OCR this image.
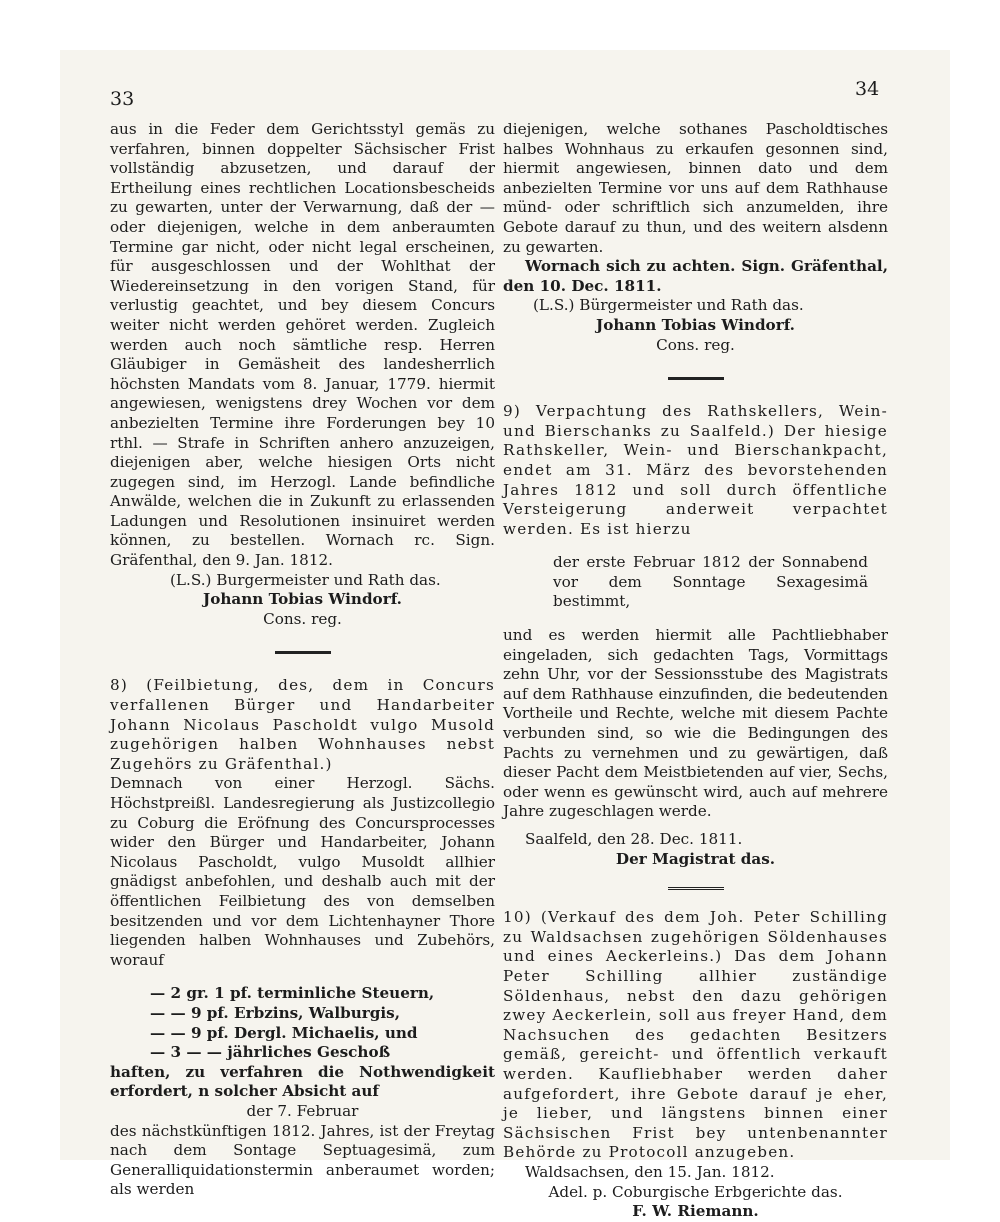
33	34

aus in die Feder dem Gerichtsstyl gemäs zu verfahren, binnen doppelter Sächsischer Frist vollständig abzusetzen, und darauf der Ertheilung eines rechtlichen Locationsbescheids zu gewarten, unter der Verwarnung, daß der — oder diejenigen, welche in dem anberaumten Termine gar nicht, oder nicht legal erscheinen, für ausgeschlossen und der Wohlthat der Wiedereinsetzung in den vorigen Stand, für verlustig geachtet, und bey diesem Concurs weiter nicht werden gehöret werden. Zugleich werden auch noch sämtliche resp. Herren Gläubiger in Gemäsheit des landesherrlich höchsten Mandats vom 8. Januar, 1779. hiermit angewiesen, wenigstens drey Wochen vor dem anbezielten Termine ihre Forderungen bey 10 rthl. — Strafe in Schriften anhero anzuzeigen, diejenigen aber, welche hiesigen Orts nicht zugegen sind, im Herzogl. Lande befindliche Anwälde, welchen die in Zukunft zu erlassenden Ladungen und Resolutionen insinuiret werden können, zu bestellen. Wornach rc. Sign. Gräfenthal, den 9. Jan. 1812.

(L.S.) Burgermeister und Rath das.

Johann Tobias Windorf.

Cons. reg.

8) (Feilbietung, des, dem in Concurs verfallenen Bürger und Handarbeiter Johann Nicolaus Pascholdt vulgo Musold zugehörigen halben Wohnhauses nebst Zugehörs zu Gräfenthal.)

Demnach von einer Herzogl. Sächs. Höchstpreißl. Landesregierung als Justizcollegio zu Coburg die Eröfnung des Concursprocesses wider den Bürger und Handarbeiter, Johann Nicolaus Pascholdt, vulgo Musoldt allhier gnädigst anbefohlen, und deshalb auch mit der öffentlichen Feilbietung des von demselben besitzenden und vor dem Lichtenhayner Thore liegenden halben Wohnhauses und Zubehörs, worauf

— 2 gr. 1 pf. terminliche Steuern,

— — 9 pf. Erbzins, Walburgis,

— — 9 pf. Dergl. Michaelis, und

— 3 — — jährliches Geschoß

haften, zu verfahren die Nothwendigkeit erfordert, n solcher Absicht auf

der 7. Februar

des nächstkünftigen 1812. Jahres, ist der Freytag nach dem Sontage Septuagesimä, zum Generalliquidationstermin anberaumet worden; als werden

diejenigen, welche sothanes Pascholdtisches halbes Wohnhaus zu erkaufen gesonnen sind, hiermit angewiesen, binnen dato und dem anbezielten Termine vor uns auf dem Rathhause münd- oder schriftlich sich anzumelden, ihre Gebote darauf zu thun, und des weitern alsdenn zu gewarten.

Wornach sich zu achten. Sign. Gräfenthal, den 10. Dec. 1811.

(L.S.) Bürgermeister und Rath das.

Johann Tobias Windorf.

Cons. reg.

9) Verpachtung des Rathskellers, Wein- und Bierschanks zu Saalfeld.) Der hiesige Rathskeller, Wein- und Bierschankpacht, endet am 31. März des bevorstehenden Jahres 1812 und soll durch öffentliche Versteigerung anderweit verpachtet werden. Es ist hierzu

der erste Februar 1812 der Sonnabend vor dem Sonntage Sexagesimä bestimmt,

und es werden hiermit alle Pachtliebhaber eingeladen, sich gedachten Tags, Vormittags zehn Uhr, vor der Sessionsstube des Magistrats auf dem Rathhause einzufinden, die bedeutenden Vortheile und Rechte, welche mit diesem Pachte verbunden sind, so wie die Bedingungen des Pachts zu vernehmen und zu gewärtigen, daß dieser Pacht dem Meistbietenden auf vier, Sechs, oder wenn es gewünscht wird, auch auf mehrere Jahre zugeschlagen werde.

Saalfeld, den 28. Dec. 1811.

Der Magistrat das.

10) (Verkauf des dem Joh. Peter Schilling zu Waldsachsen zugehörigen Söldenhauses und eines Aeckerleins.) Das dem Johann Peter Schilling allhier zuständige Söldenhaus, nebst den dazu gehörigen zwey Aeckerlein, soll aus freyer Hand, dem Nachsuchen des gedachten Besitzers gemäß, gereicht- und öffentlich verkauft werden. Kaufliebhaber werden daher aufgefordert, ihre Gebote darauf je eher, je lieber, und längstens binnen einer Sächsischen Frist bey untenbenannter Behörde zu Protocoll anzugeben.

Waldsachsen, den 15. Jan. 1812.

Adel. p. Coburgische Erbgerichte das.

F. W. Riemann.
